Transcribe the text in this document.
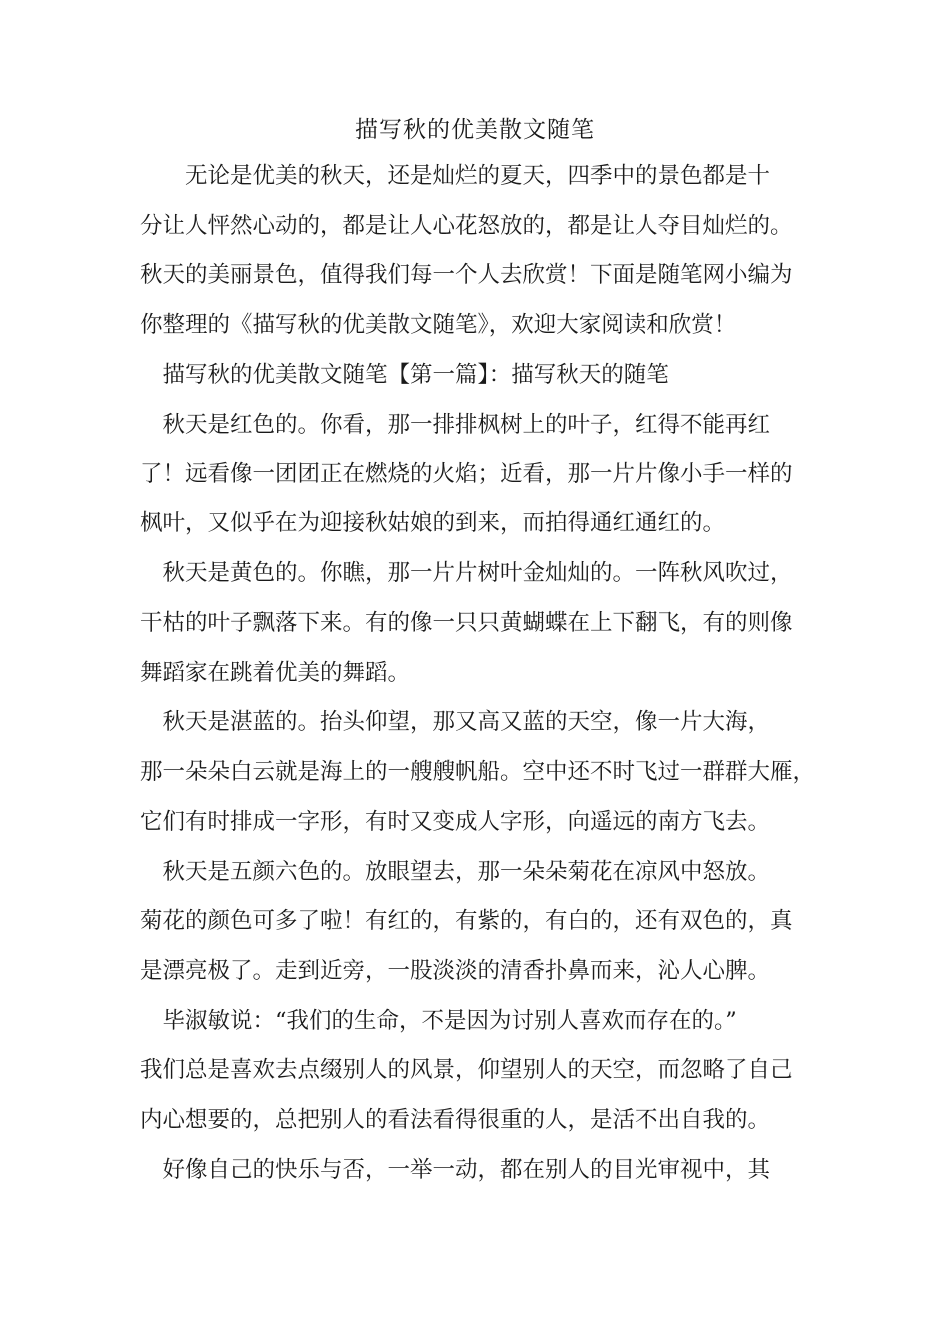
描写秋的优美散文随笔

　　无论是优美的秋天，还是灿烂的夏天，四季中的景色都是十

分让人怦然心动的，都是让人心花怒放的，都是让人夺目灿烂的。

秋天的美丽景色，值得我们每一个人去欣赏！下面是随笔网小编为

你整理的《描写秋的优美散文随笔》，欢迎大家阅读和欣赏！

　描写秋的优美散文随笔【第一篇】：描写秋天的随笔

　秋天是红色的。你看，那一排排枫树上的叶子，红得不能再红

了！远看像一团团正在燃烧的火焰；近看，那一片片像小手一样的

枫叶，又似乎在为迎接秋姑娘的到来，而拍得通红通红的。

　秋天是黄色的。你瞧，那一片片树叶金灿灿的。一阵秋风吹过，

干枯的叶子飘落下来。有的像一只只黄蝴蝶在上下翻飞，有的则像

舞蹈家在跳着优美的舞蹈。

　秋天是湛蓝的。抬头仰望，那又高又蓝的天空，像一片大海，

那一朵朵白云就是海上的一艘艘帆船。空中还不时飞过一群群大雁，

它们有时排成一字形，有时又变成人字形，向遥远的南方飞去。

　秋天是五颜六色的。放眼望去，那一朵朵菊花在凉风中怒放。

菊花的颜色可多了啦！有红的，有紫的，有白的，还有双色的，真

是漂亮极了。走到近旁，一股淡淡的清香扑鼻而来，沁人心脾。

　毕淑敏说：“我们的生命，不是因为讨别人喜欢而存在的。”

我们总是喜欢去点缀别人的风景，仰望别人的天空，而忽略了自己

内心想要的，总把别人的看法看得很重的人，是活不出自我的。

　好像自己的快乐与否，一举一动，都在别人的目光审视中，其
